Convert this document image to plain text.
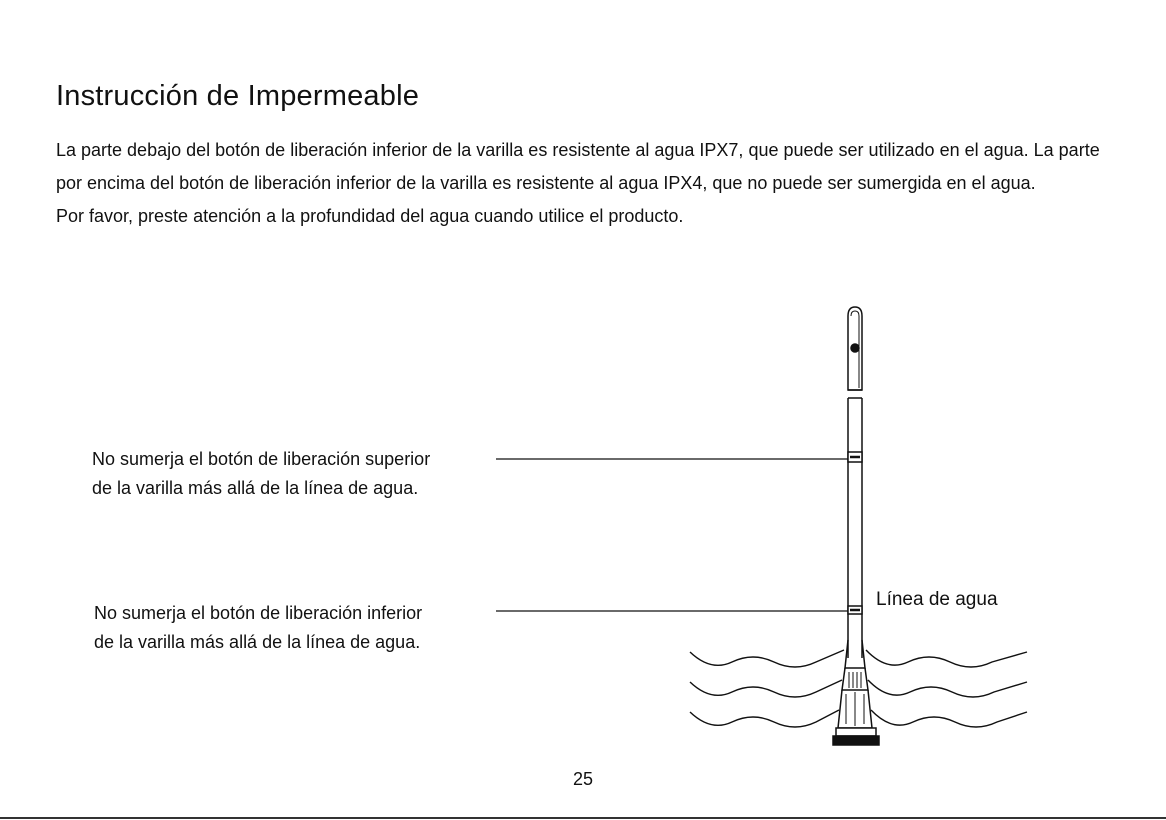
Instrucción de Impermeable

La parte debajo del botón de liberación inferior de la varilla es resistente al agua IPX7, que puede ser utilizado en el agua. La parte por encima del botón de liberación inferior de la varilla es resistente al agua IPX4, que no puede ser sumergida en el agua.

Por favor, preste atención a la profundidad del agua cuando utilice el producto.

No sumerja el botón de liberación superior
de la varilla más allá de la línea de agua.
No sumerja el botón de liberación inferior
de la varilla más allá de la línea de agua.
Línea de agua
25
